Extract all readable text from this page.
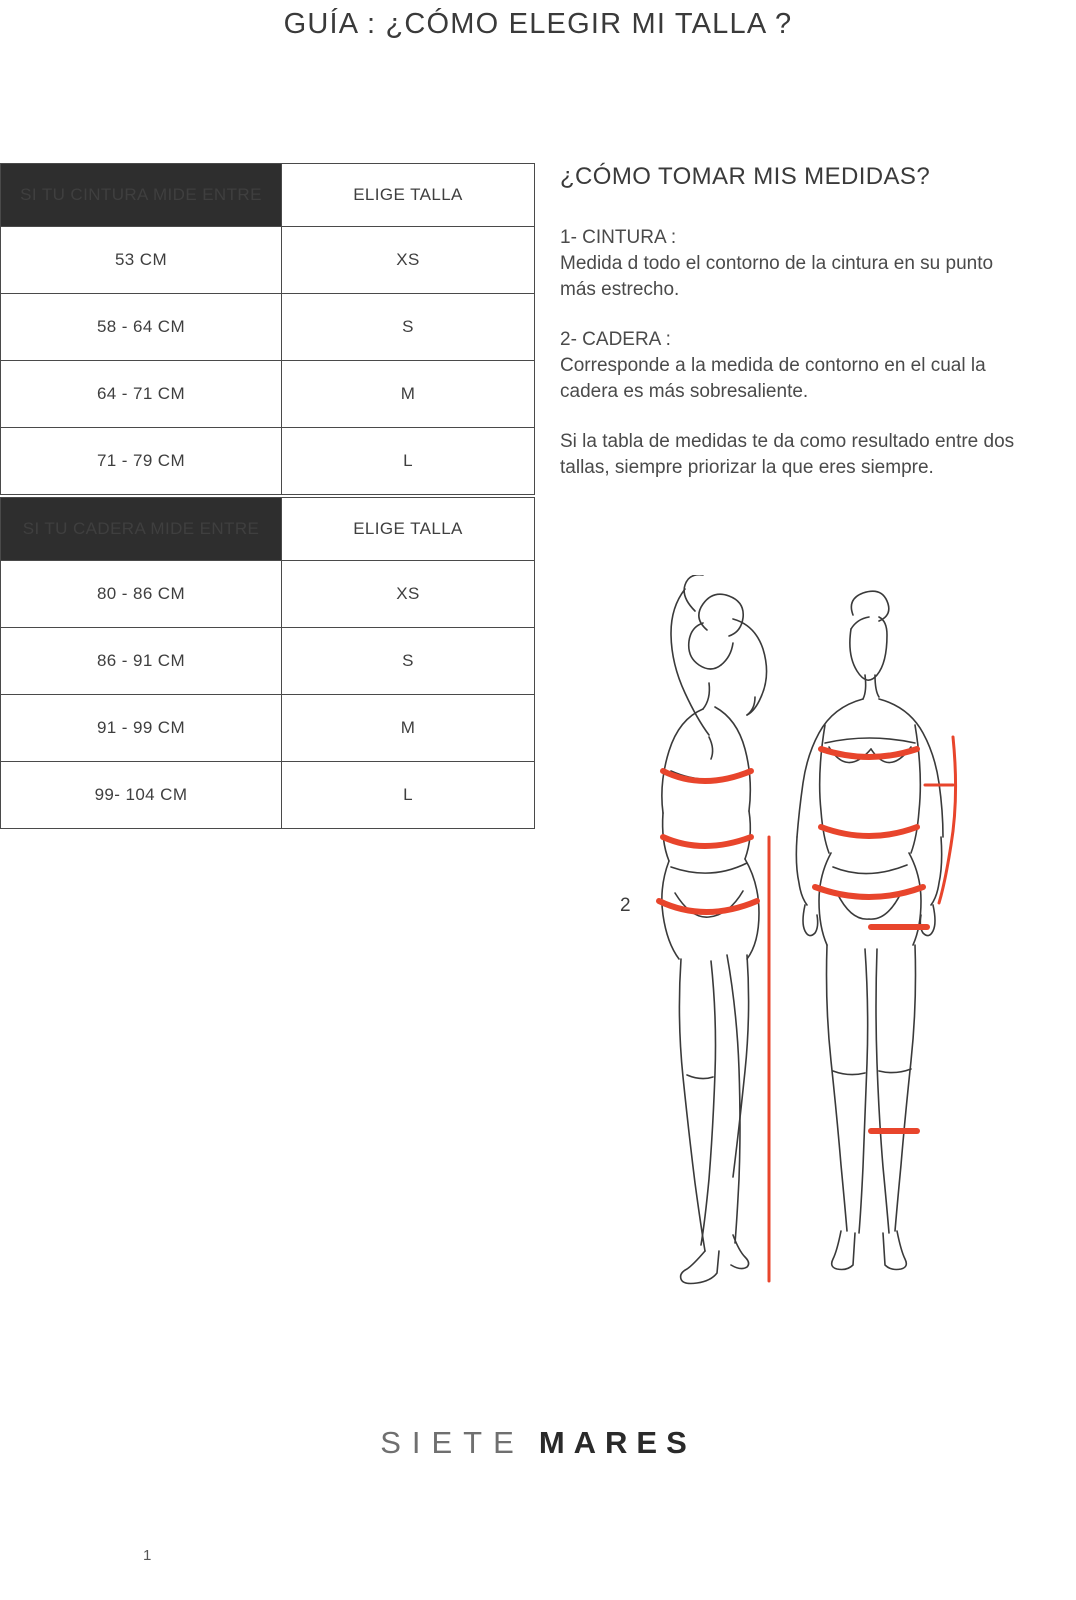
GUÍA : ¿CÓMO ELEGIR MI TALLA ?
SI TU CINTURA MIDE ENTRE	ELIGE TALLA
53 CM	XS
58 - 64 CM	S
64 - 71 CM	M
71 - 79 CM	L
SI TU CADERA MIDE ENTRE	ELIGE TALLA
80 - 86 CM	XS
86 - 91 CM	S
91 - 99 CM	M
99- 104 CM	L
¿CÓMO TOMAR MIS MEDIDAS?

1- CINTURA :
Medida d todo el contorno de la cintura en su punto más estrecho.

2- CADERA :
Corresponde a la medida de contorno en el cual la cadera es más sobresaliente.

Si la tabla de medidas te da como resultado entre dos tallas, siempre priorizar la que eres siempre.

2
SIETE MARES
1
